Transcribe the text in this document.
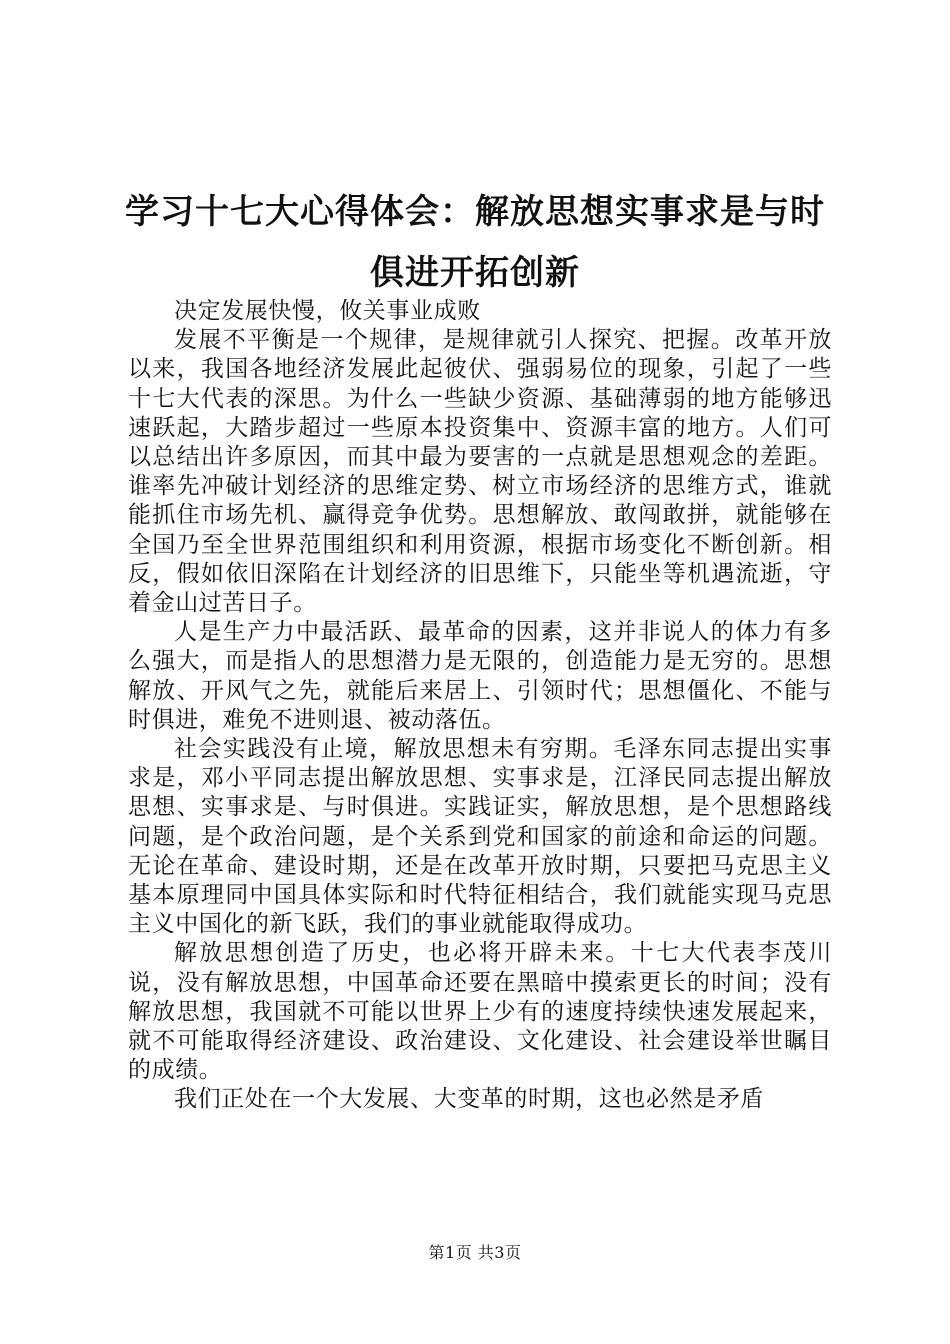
学习十七大心得体会：解放思想实事求是与时
俱进开拓创新

决定发展快慢，攸关事业成败

发展不平衡是一个规律，是规律就引人探究、把握。改革开放以来，我国各地经济发展此起彼伏、强弱易位的现象，引起了一些十七大代表的深思。为什么一些缺少资源、基础薄弱的地方能够迅速跃起，大踏步超过一些原本投资集中、资源丰富的地方。人们可以总结出许多原因，而其中最为要害的一点就是思想观念的差距。谁率先冲破计划经济的思维定势、树立市场经济的思维方式，谁就能抓住市场先机、赢得竞争优势。思想解放、敢闯敢拼，就能够在全国乃至全世界范围组织和利用资源，根据市场变化不断创新。相反，假如依旧深陷在计划经济的旧思维下，只能坐等机遇流逝，守着金山过苦日子。

人是生产力中最活跃、最革命的因素，这并非说人的体力有多么强大，而是指人的思想潜力是无限的，创造能力是无穷的。思想解放、开风气之先，就能后来居上、引领时代；思想僵化、不能与时俱进，难免不进则退、被动落伍。

社会实践没有止境，解放思想未有穷期。毛泽东同志提出实事求是，邓小平同志提出解放思想、实事求是，江泽民同志提出解放思想、实事求是、与时俱进。实践证实，解放思想，是个思想路线问题，是个政治问题，是个关系到党和国家的前途和命运的问题。无论在革命、建设时期，还是在改革开放时期，只要把马克思主义基本原理同中国具体实际和时代特征相结合，我们就能实现马克思主义中国化的新飞跃，我们的事业就能取得成功。

解放思想创造了历史，也必将开辟未来。十七大代表李茂川说，没有解放思想，中国革命还要在黑暗中摸索更长的时间；没有解放思想，我国就不可能以世界上少有的速度持续快速发展起来，就不可能取得经济建设、政治建设、文化建设、社会建设举世瞩目的成绩。

我们正处在一个大发展、大变革的时期，这也必然是矛盾

第1页 共3页
